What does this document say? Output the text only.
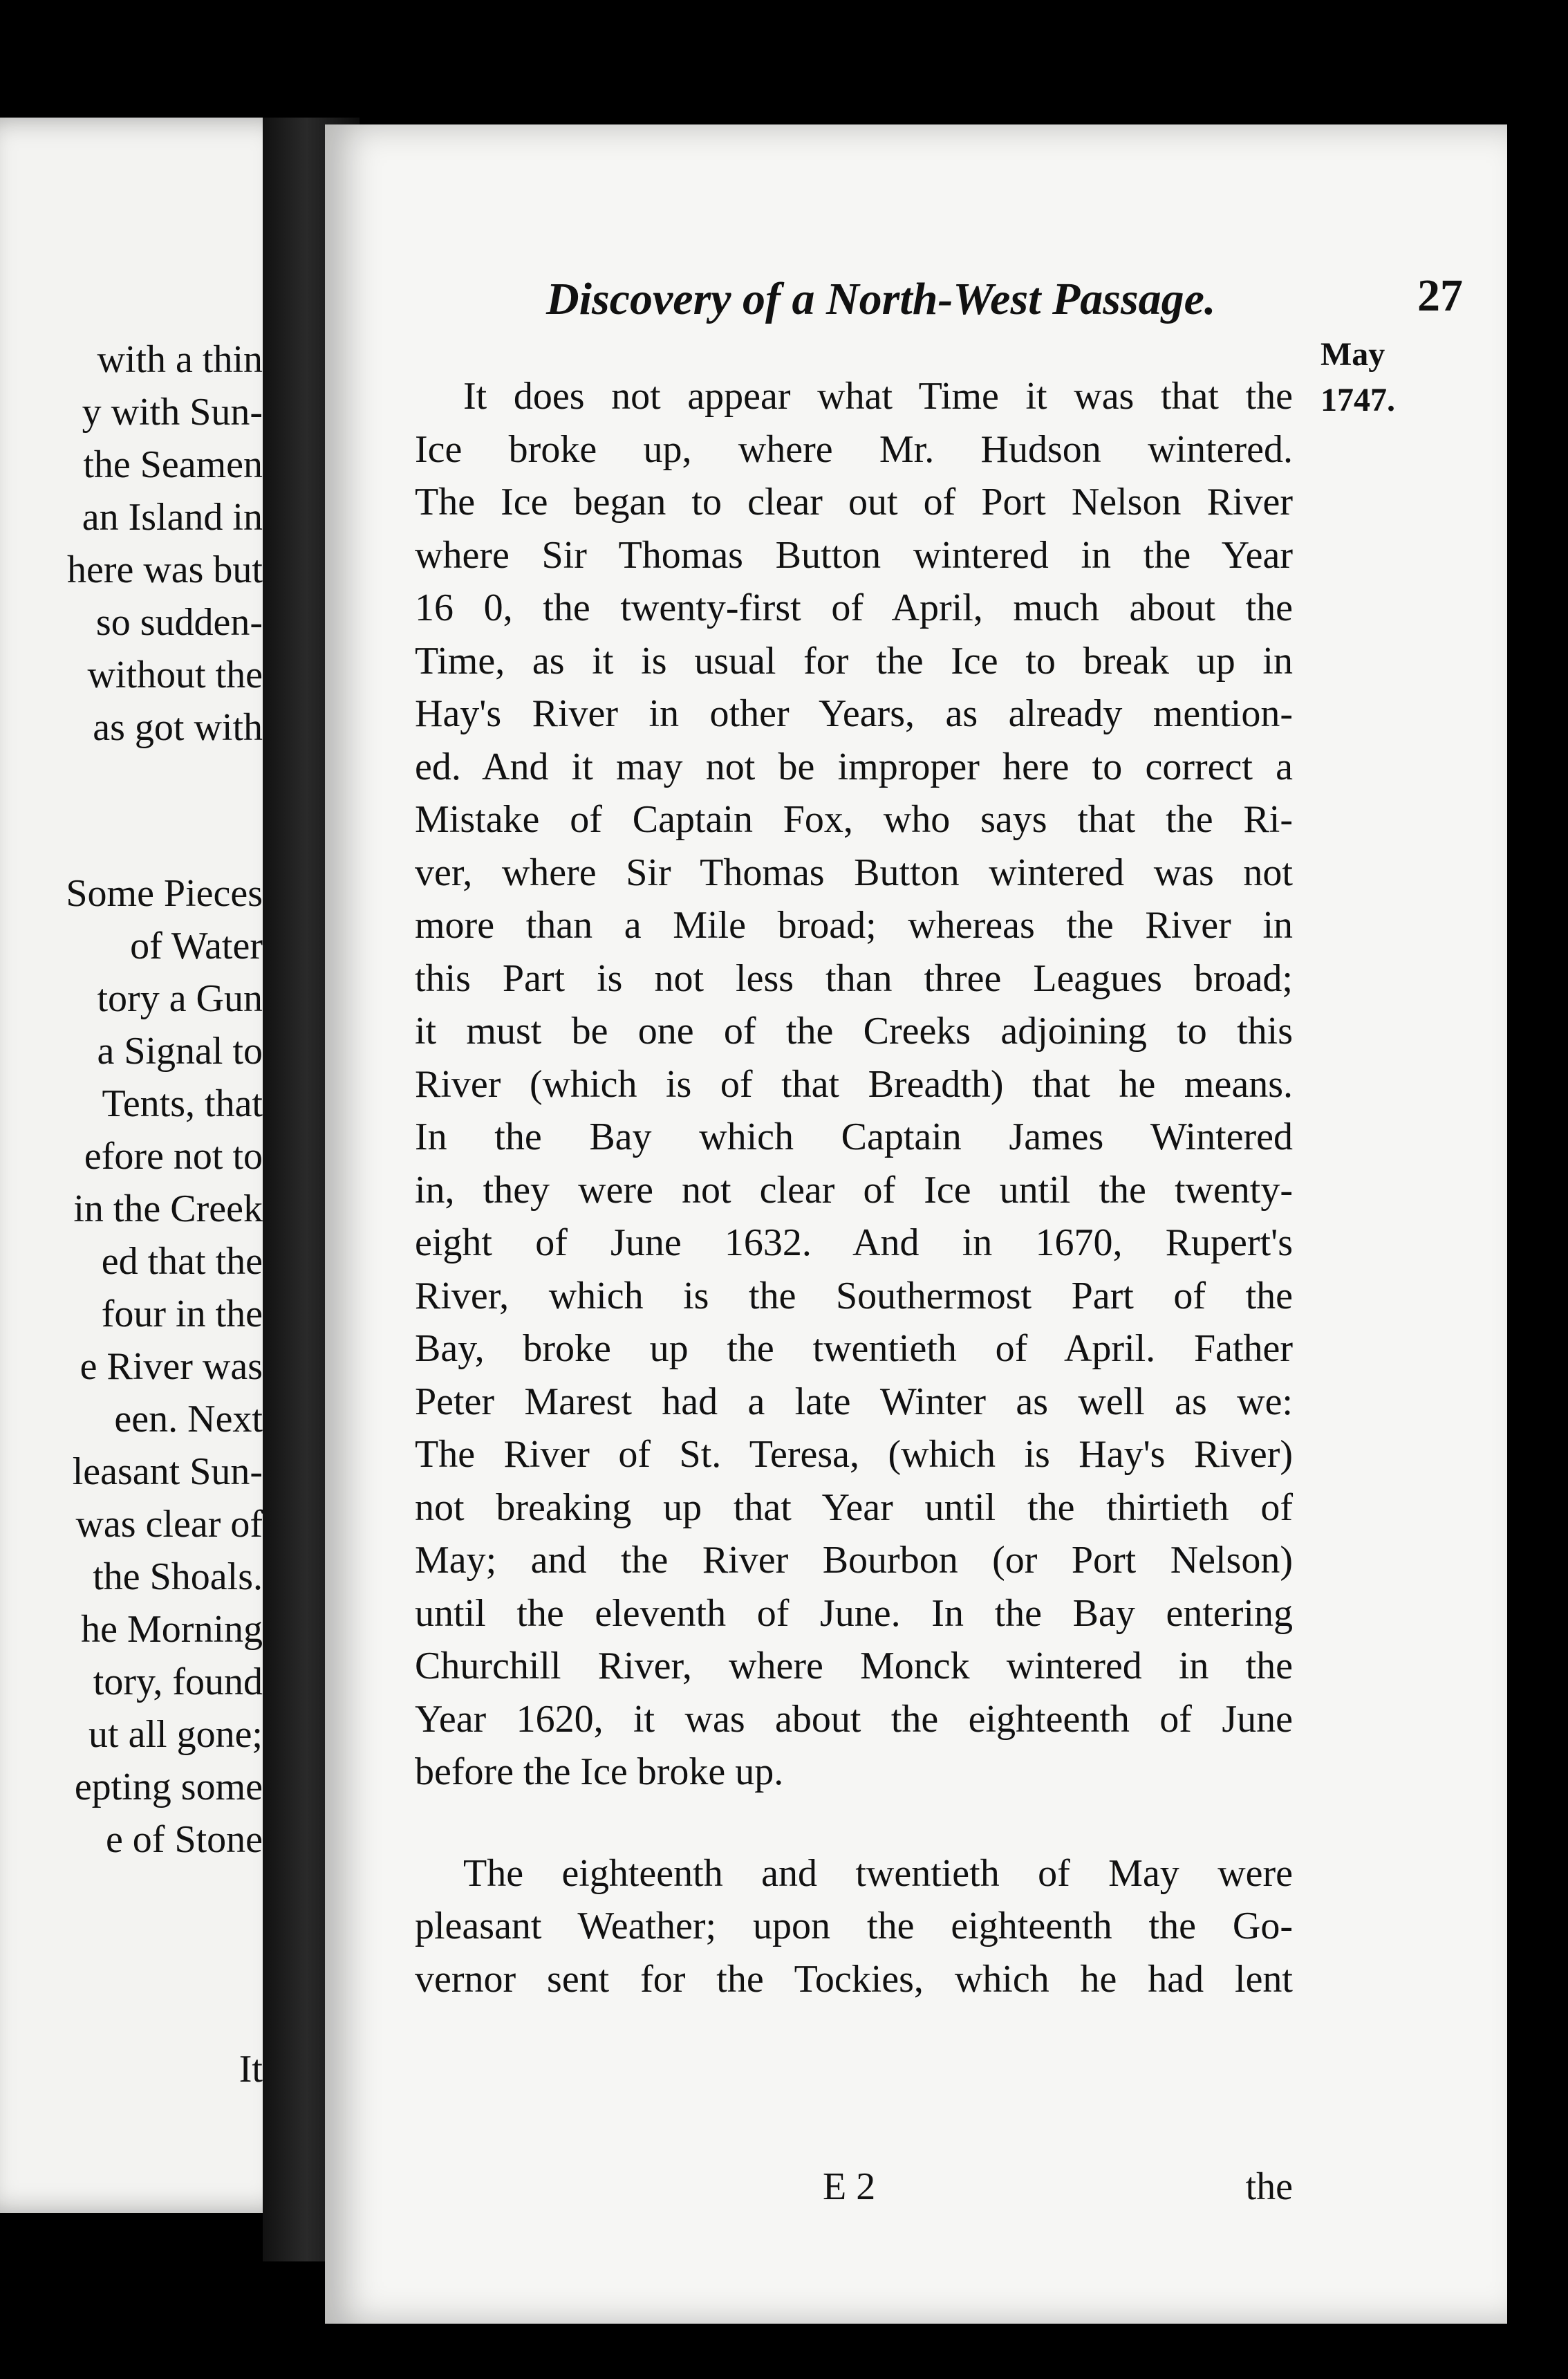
with a thin
y with Sun-
the Seamen
an Island in
here was but
so sudden-
without the
as got with
Some Pieces
of Water
tory a Gun
a Signal to
Tents, that
efore not to
in the Creek
ed that the
four in the
e River was
een. Next
leasant Sun-
was clear of
the Shoals.
he Morning
tory, found
ut all gone;
epting some
e of Stone
It
Discovery of a North-West Passage.	27
May
1747.
It does not appear what Time it was that the
Ice broke up, where Mr. Hudson wintered.
The Ice began to clear out of Port Nelson River
where Sir Thomas Button wintered in the Year
16 0, the twenty-first of April, much about the
Time, as it is usual for the Ice to break up in
Hay's River in other Years, as already mention-
ed. And it may not be improper here to correct a
Mistake of Captain Fox, who says that the Ri-
ver, where Sir Thomas Button wintered was not
more than a Mile broad; whereas the River in
this Part is not less than three Leagues broad;
it must be one of the Creeks adjoining to this
River (which is of that Breadth) that he means.
In the Bay which Captain James Wintered
in, they were not clear of Ice until the twenty-
eight of June 1632. And in 1670, Rupert's
River, which is the Southermost Part of the
Bay, broke up the twentieth of April. Father
Peter Marest had a late Winter as well as we:
The River of St. Teresa, (which is Hay's River)
not breaking up that Year until the thirtieth of
May; and the River Bourbon (or Port Nelson)
until the eleventh of June. In the Bay entering
Churchill River, where Monck wintered in the
Year 1620, it was about the eighteenth of June
before the Ice broke up.
The eighteenth and twentieth of May were
pleasant Weather; upon the eighteenth the Go-
vernor sent for the Tockies, which he had lent
E 2	the
